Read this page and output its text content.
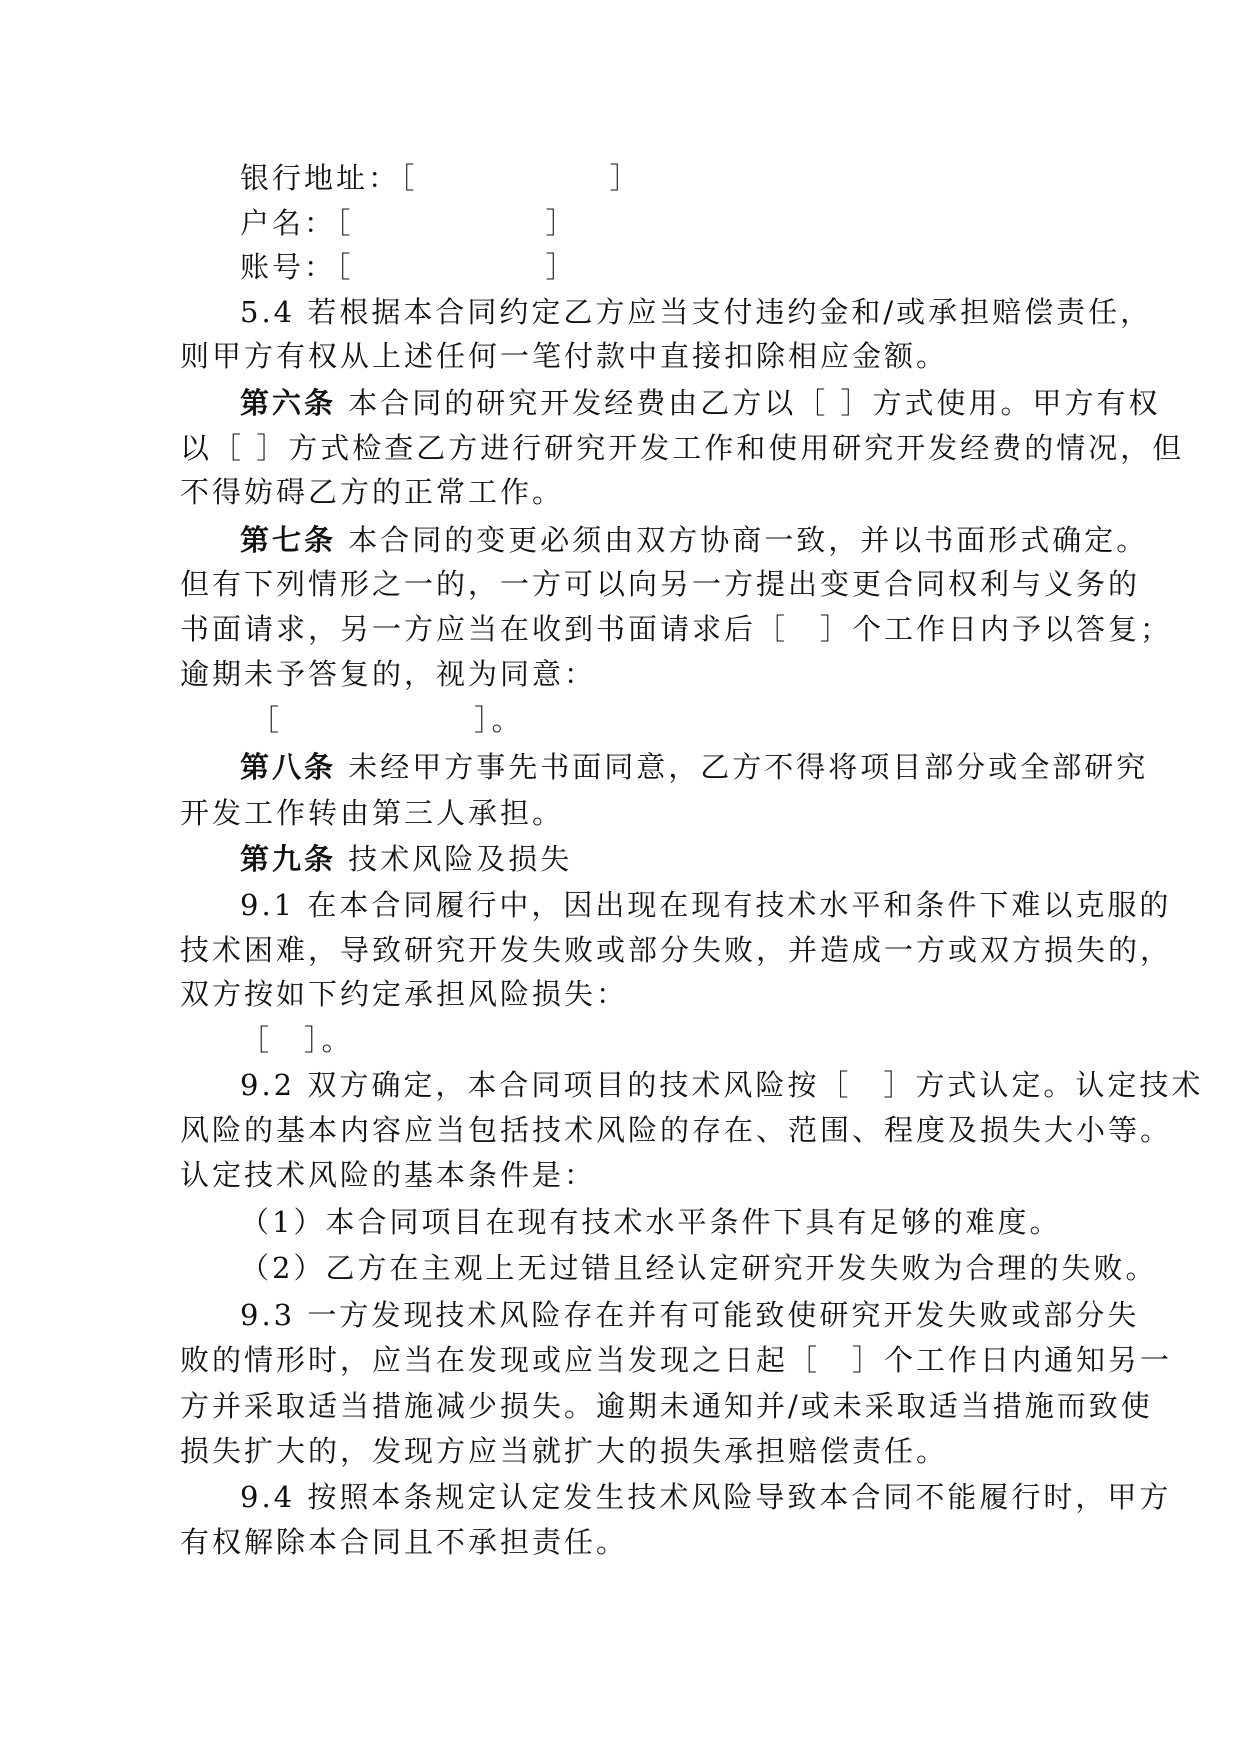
银行地址：［　　　　　　］
户名：［　　　　　　］
账号：［　　　　　　］
5.4 若根据本合同约定乙方应当支付违约金和/或承担赔偿责任，
则甲方有权从上述任何一笔付款中直接扣除相应金额。
第六条 本合同的研究开发经费由乙方以［ ］方式使用。甲方有权
以［ ］方式检查乙方进行研究开发工作和使用研究开发经费的情况，但
不得妨碍乙方的正常工作。
第七条 本合同的变更必须由双方协商一致，并以书面形式确定。
但有下列情形之一的，一方可以向另一方提出变更合同权利与义务的
书面请求，另一方应当在收到书面请求后［　］个工作日内予以答复；
逾期未予答复的，视为同意：
［　　　　　　］。
第八条 未经甲方事先书面同意，乙方不得将项目部分或全部研究
开发工作转由第三人承担。
第九条 技术风险及损失
9.1 在本合同履行中，因出现在现有技术水平和条件下难以克服的
技术困难，导致研究开发失败或部分失败，并造成一方或双方损失的，
双方按如下约定承担风险损失：
［　］。
9.2 双方确定，本合同项目的技术风险按［　］方式认定。认定技术
风险的基本内容应当包括技术风险的存在、范围、程度及损失大小等。
认定技术风险的基本条件是：
（1）本合同项目在现有技术水平条件下具有足够的难度。
（2）乙方在主观上无过错且经认定研究开发失败为合理的失败。
9.3 一方发现技术风险存在并有可能致使研究开发失败或部分失
败的情形时，应当在发现或应当发现之日起［　］个工作日内通知另一
方并采取适当措施减少损失。逾期未通知并/或未采取适当措施而致使
损失扩大的，发现方应当就扩大的损失承担赔偿责任。
9.4 按照本条规定认定发生技术风险导致本合同不能履行时，甲方
有权解除本合同且不承担责任。
